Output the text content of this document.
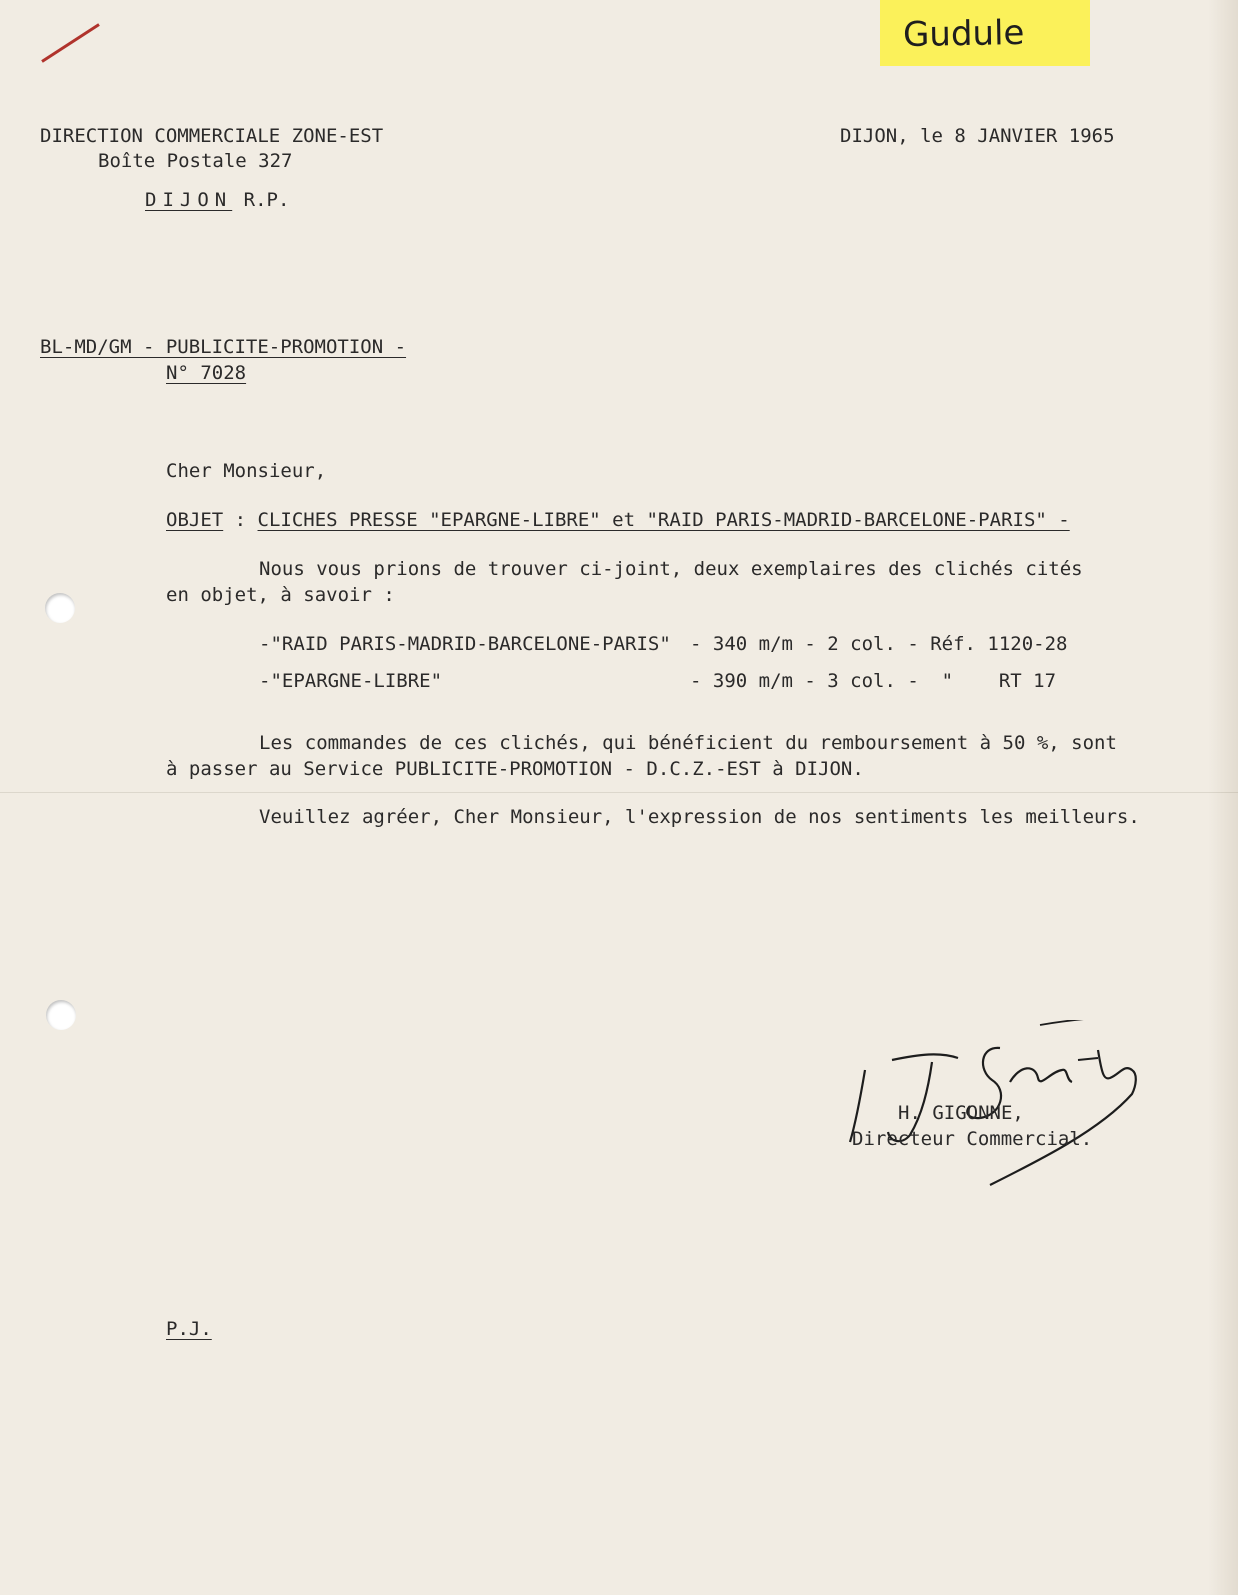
Gudule
DIRECTION COMMERCIALE ZONE-EST
Boîte Postale 327
DIJON R.P.
DIJON, le 8 JANVIER 1965
BL-MD/GM - PUBLICITE-PROMOTION -
N° 7028
Cher Monsieur,
OBJET : CLICHES PRESSE "EPARGNE-LIBRE" et "RAID PARIS-MADRID-BARCELONE-PARIS" -
Nous vous prions de trouver ci-joint, deux exemplaires des clichés cités
en objet, à savoir :
-"RAID PARIS-MADRID-BARCELONE-PARIS" - 340 m/m - 2 col. - Réf. 1120-28
-"EPARGNE-LIBRE"	- 390 m/m - 3 col. -  "    RT 17
Les commandes de ces clichés, qui bénéficient du remboursement à 50 %, sont
à passer au Service PUBLICITE-PROMOTION - D.C.Z.-EST à DIJON.
Veuillez agréer, Cher Monsieur, l'expression de nos sentiments les meilleurs.
H. GIGONNE,
Directeur Commercial.
P.J.
